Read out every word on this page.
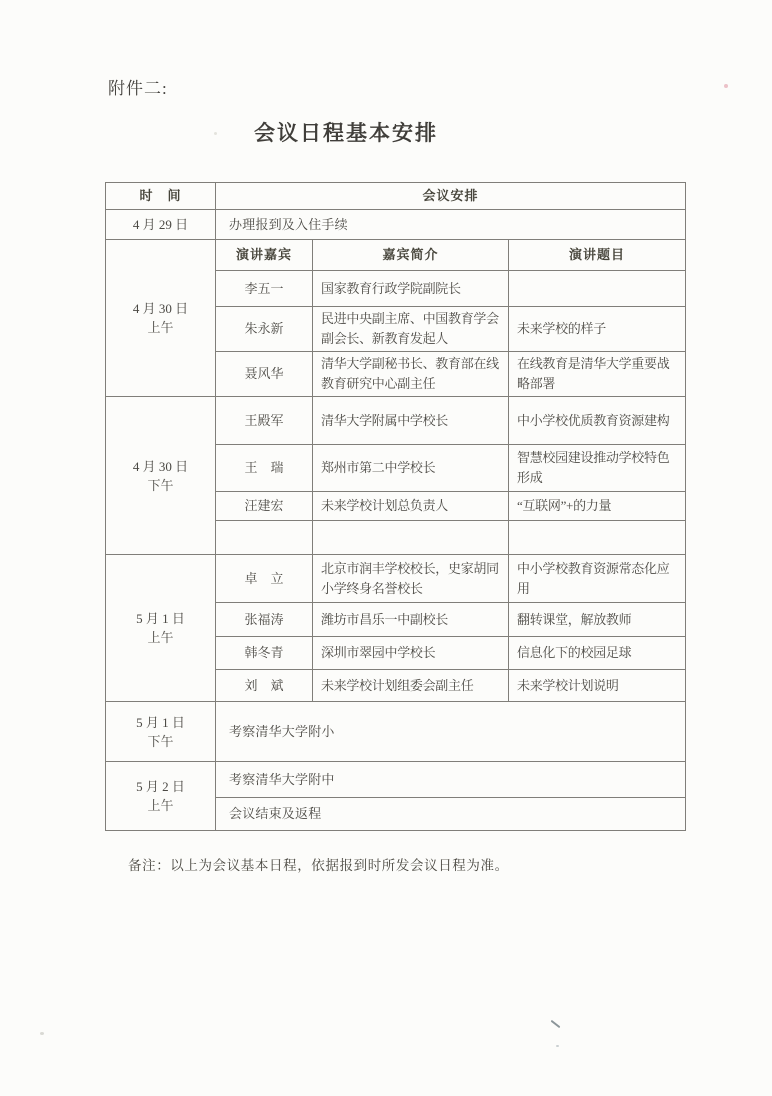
附件二:
会议日程基本安排
时　间	会议安排		
4 月 29 日	办理报到及入住手续		

4 月 30 日
上午	演讲嘉宾	嘉宾简介	演讲题目
	李五一	国家教育行政学院副院长	
	朱永新	民进中央副主席、中国教育学会副会长、新教育发起人	未来学校的样子
	聂风华	清华大学副秘书长、教育部在线教育研究中心副主任	在线教育是清华大学重要战略部署

4 月 30 日
下午	王殿军	清华大学附属中学校长	中小学校优质教育资源建构
	王　瑞	郑州市第二中学校长	智慧校园建设推动学校特色形成
	汪建宏	未来学校计划总负责人	“互联网”+的力量

5 月 1 日
上午	卓　立	北京市润丰学校校长，史家胡同小学终身名誉校长	中小学校教育资源常态化应用
	张福涛	潍坊市昌乐一中副校长	翻转课堂，解放教师
	韩冬青	深圳市翠园中学校长	信息化下的校园足球
	刘　斌	未来学校计划组委会副主任	未来学校计划说明

5 月 1 日
下午	考察清华大学附小		

5 月 2 日
上午	考察清华大学附中		
	会议结束及返程		
备注：以上为会议基本日程，依据报到时所发会议日程为准。
